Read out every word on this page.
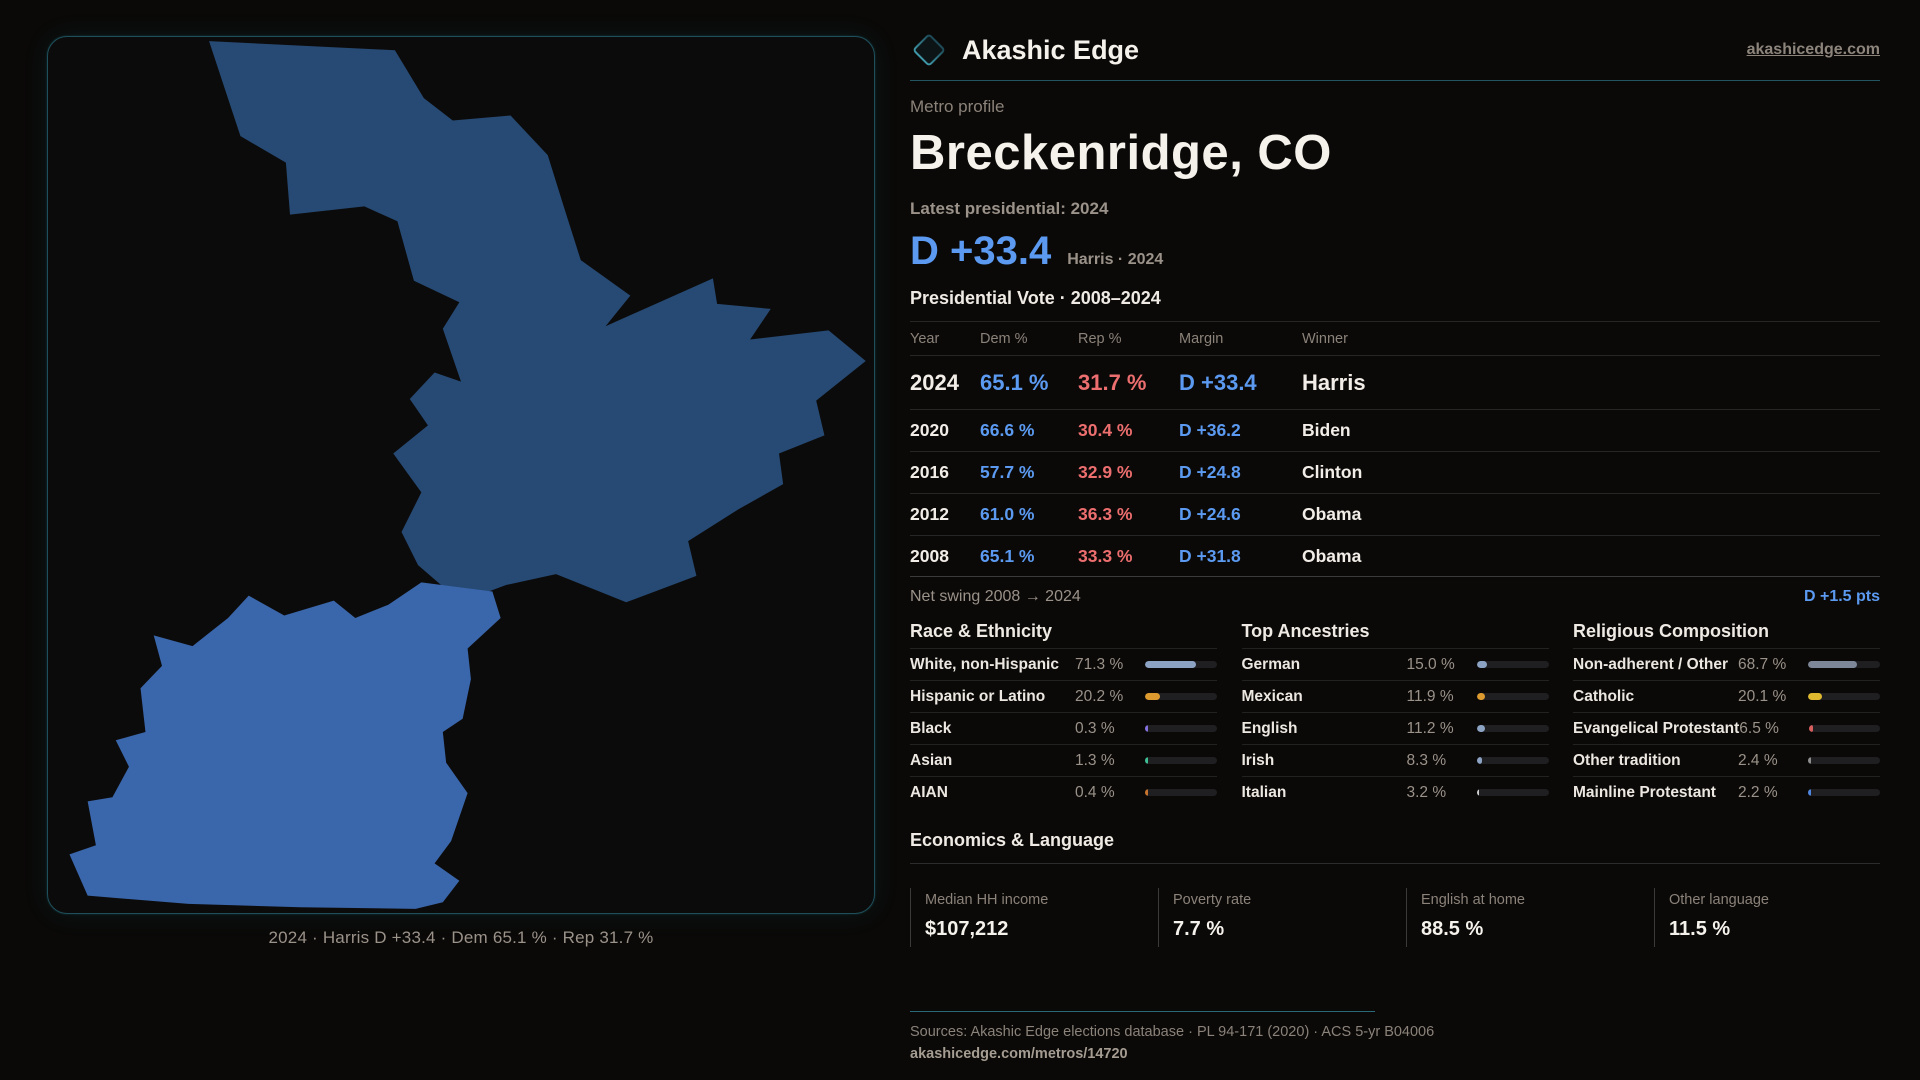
2024 · Harris D +33.4 · Dem 65.1 % · Rep 31.7 %
Akashic Edge	akashicedge.com
Metro profile
Breckenridge, CO
Latest presidential: 2024
D +33.4 Harris · 2024
Presidential Vote · 2008–2024
Year	Dem %	Rep %	Margin	Winner
2024 65.1 %	31.7 %	D +33.4	Harris
2020	66.6 %	30.4 %	D +36.2	Biden
2016	57.7 %	32.9 %	D +24.8	Clinton
2012	61.0 %	36.3 %	D +24.6	Obama
2008	65.1 %	33.3 %	D +31.8	Obama
Net swing 2008 → 2024	D +1.5 pts
Race & Ethnicity
White, non-Hispanic	71.3 %
Hispanic or Latino	20.2 %
Black	0.3 %
Asian	1.3 %
AIAN	0.4 %
Top Ancestries
German	15.0 %
Mexican	11.9 %
English	11.2 %
Irish	8.3 %
Italian	3.2 %
Religious Composition
Non-adherent / Other 68.7 %
Catholic	20.1 %
Evangelical Protestant 6.5 %
Other tradition	2.4 %
Mainline Protestant	2.2 %
Economics & Language
Median HH income
$107,212
Poverty rate
7.7 %
English at home
88.5 %
Other language
11.5 %
Sources: Akashic Edge elections database · PL 94-171 (2020) · ACS 5-yr B04006
akashicedge.com/metros/14720
